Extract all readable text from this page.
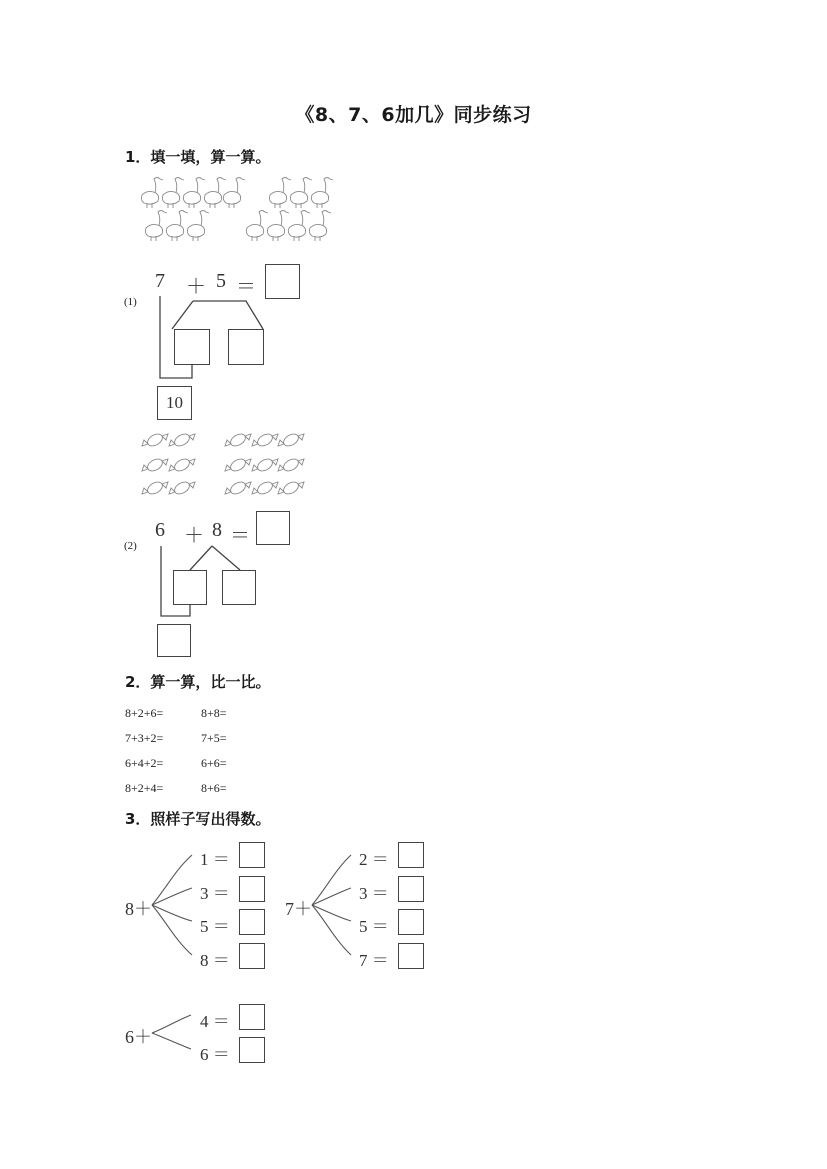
《8、7、6加几》同步练习
1．填一填，算一算。
(1)
7 ＋ 5 ＝
10
(2)
6 ＋ 8 ＝
2．算一算，比一比。
8+2+6=	8+8=
7+3+2=	7+5=
6+4+2=	6+6=
8+2+4=	8+6=
3．照样子写出得数。
8＋
1 ＝
3 ＝
5 ＝
8 ＝
7＋
2 ＝
3 ＝
5 ＝
7 ＝
6＋
4 ＝
6 ＝
